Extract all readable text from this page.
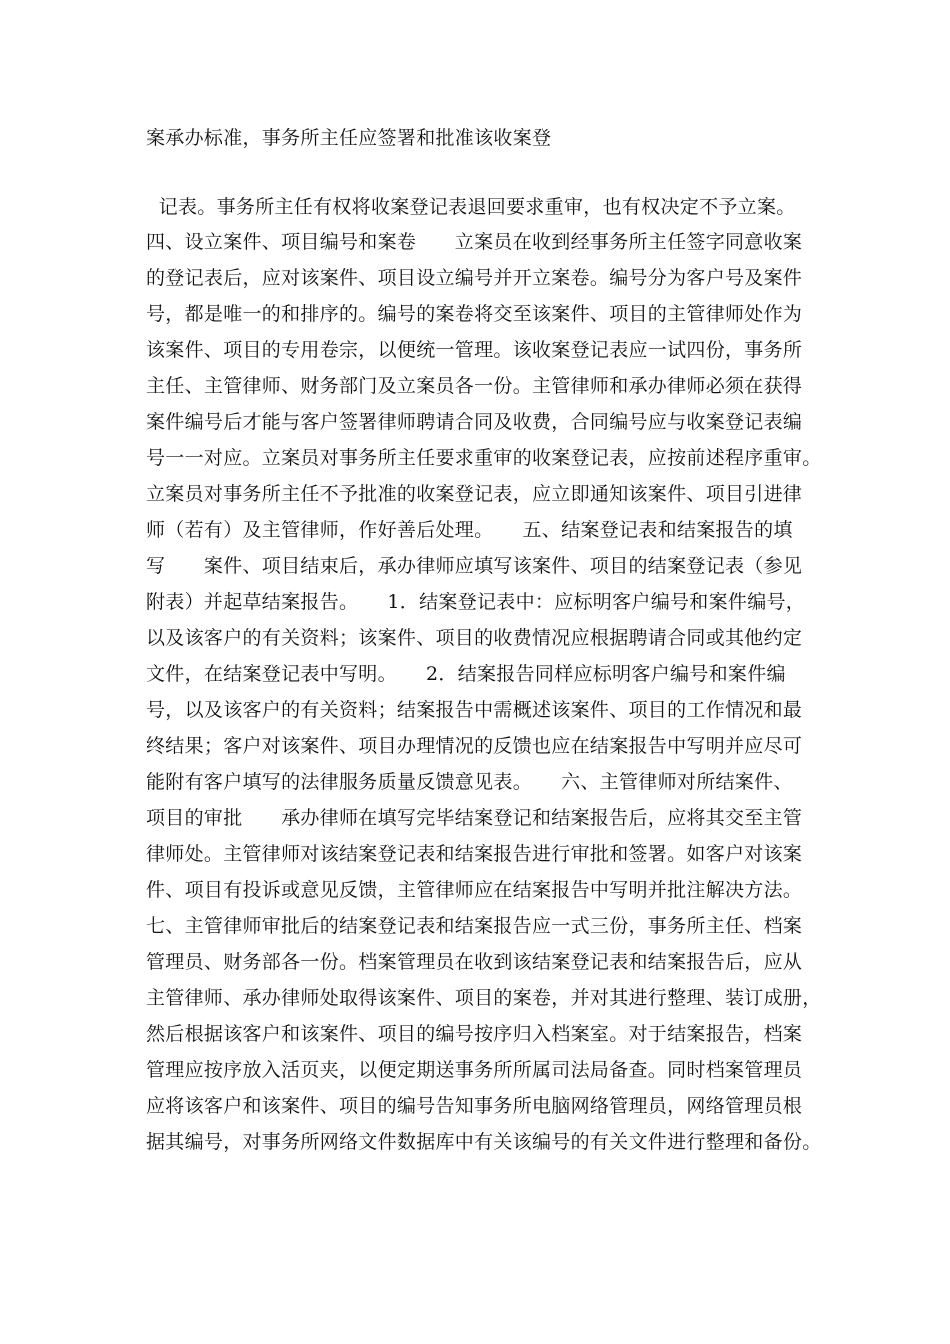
案承办标准，事务所主任应签署和批准该收案登
记表。事务所主任有权将收案登记表退回要求重审，也有权决定不予立案。
四、设立案件、项目编号和案卷　　立案员在收到经事务所主任签字同意收案
的登记表后，应对该案件、项目设立编号并开立案卷。编号分为客户号及案件
号，都是唯一的和排序的。编号的案卷将交至该案件、项目的主管律师处作为
该案件、项目的专用卷宗，以便统一管理。该收案登记表应一试四份，事务所
主任、主管律师、财务部门及立案员各一份。主管律师和承办律师必须在获得
案件编号后才能与客户签署律师聘请合同及收费，合同编号应与收案登记表编
号一一对应。立案员对事务所主任要求重审的收案登记表，应按前述程序重审。
立案员对事务所主任不予批准的收案登记表，应立即通知该案件、项目引进律
师（若有）及主管律师，作好善后处理。　　五、结案登记表和结案报告的填
写　　案件、项目结束后，承办律师应填写该案件、项目的结案登记表（参见
附表）并起草结案报告。　　1．结案登记表中：应标明客户编号和案件编号，
以及该客户的有关资料；该案件、项目的收费情况应根据聘请合同或其他约定
文件，在结案登记表中写明。　　2．结案报告同样应标明客户编号和案件编
号，以及该客户的有关资料；结案报告中需概述该案件、项目的工作情况和最
终结果；客户对该案件、项目办理情况的反馈也应在结案报告中写明并应尽可
能附有客户填写的法律服务质量反馈意见表。　　六、主管律师对所结案件、
项目的审批　　承办律师在填写完毕结案登记和结案报告后，应将其交至主管
律师处。主管律师对该结案登记表和结案报告进行审批和签署。如客户对该案
件、项目有投诉或意见反馈，主管律师应在结案报告中写明并批注解决方法。
七、主管律师审批后的结案登记表和结案报告应一式三份，事务所主任、档案
管理员、财务部各一份。档案管理员在收到该结案登记表和结案报告后，应从
主管律师、承办律师处取得该案件、项目的案卷，并对其进行整理、装订成册，
然后根据该客户和该案件、项目的编号按序归入档案室。对于结案报告，档案
管理应按序放入活页夹，以便定期送事务所所属司法局备查。同时档案管理员
应将该客户和该案件、项目的编号告知事务所电脑网络管理员，网络管理员根
据其编号，对事务所网络文件数据库中有关该编号的有关文件进行整理和备份。
